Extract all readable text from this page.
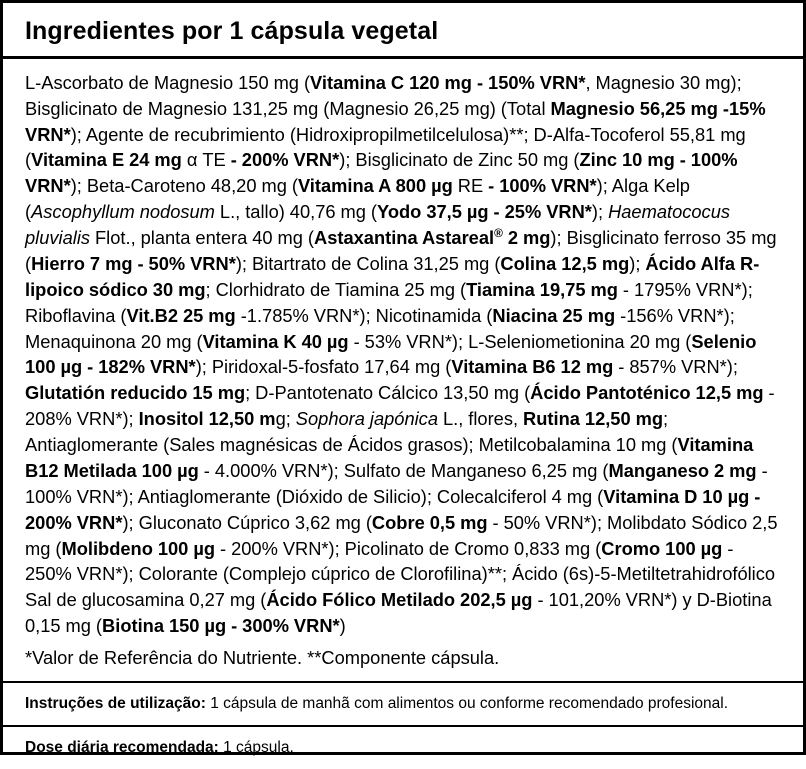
Ingredientes por 1 cápsula vegetal
L-Ascorbato de Magnesio 150 mg (Vitamina C 120 mg - 150% VRN*, Magnesio 30 mg); Bisglicinato de Magnesio 131,25 mg (Magnesio 26,25 mg) (Total Magnesio 56,25 mg -15% VRN*); Agente de recubrimiento (Hidroxipropilmetilcelulosa)**; D-Alfa-Tocoferol 55,81 mg (Vitamina E 24 mg α TE - 200% VRN*); Bisglicinato de Zinc 50 mg (Zinc 10 mg - 100% VRN*); Beta-Caroteno 48,20 mg (Vitamina A 800 µg RE - 100% VRN*); Alga Kelp (Ascophyllum nodosum L., tallo) 40,76 mg (Yodo 37,5 µg - 25% VRN*); Haematococus pluvialis Flot., planta entera 40 mg (Astaxantina Astareal® 2 mg); Bisglicinato ferroso 35 mg (Hierro 7 mg - 50% VRN*); Bitartrato de Colina 31,25 mg (Colina 12,5 mg); Ácido Alfa R-lipoico sódico 30 mg; Clorhidrato de Tiamina 25 mg (Tiamina 19,75 mg - 1795% VRN*); Riboflavina (Vit.B2 25 mg -1.785% VRN*); Nicotinamida (Niacina 25 mg -156% VRN*); Menaquinona 20 mg (Vitamina K 40 µg - 53% VRN*); L-Seleniometionina 20 mg (Selenio 100 µg - 182% VRN*); Piridoxal-5-fosfato 17,64 mg (Vitamina B6 12 mg - 857% VRN*); Glutatión reducido 15 mg; D-Pantotenato Cálcico 13,50 mg (Ácido Pantoténico 12,5 mg - 208% VRN*); Inositol 12,50 mg; Sophora japónica L., flores, Rutina 12,50 mg; Antiaglomerante (Sales magnésicas de Ácidos grasos); Metilcobalamina 10 mg (Vitamina B12 Metilada 100 µg - 4.000% VRN*); Sulfato de Manganeso 6,25 mg (Manganeso 2 mg - 100% VRN*); Antiaglomerante (Dióxido de Silicio); Colecalciferol 4 mg (Vitamina D 10 µg - 200% VRN*); Gluconato Cúprico 3,62 mg (Cobre 0,5 mg - 50% VRN*); Molibdato Sódico 2,5 mg (Molibdeno 100 µg - 200% VRN*); Picolinato de Cromo 0,833 mg (Cromo 100 µg - 250% VRN*); Colorante (Complejo cúprico de Clorofilina)**; Ácido (6s)-5-Metiltetrahidrofólico Sal de glucosamina 0,27 mg (Ácido Fólico Metilado 202,5 µg - 101,20% VRN*) y D-Biotina 0,15 mg (Biotina 150 µg - 300% VRN*)
*Valor de Referência do Nutriente. **Componente cápsula.
Instruções de utilização: 1 cápsula de manhã com alimentos ou conforme recomendado profesional.
Dose diária recomendada: 1 cápsula.
